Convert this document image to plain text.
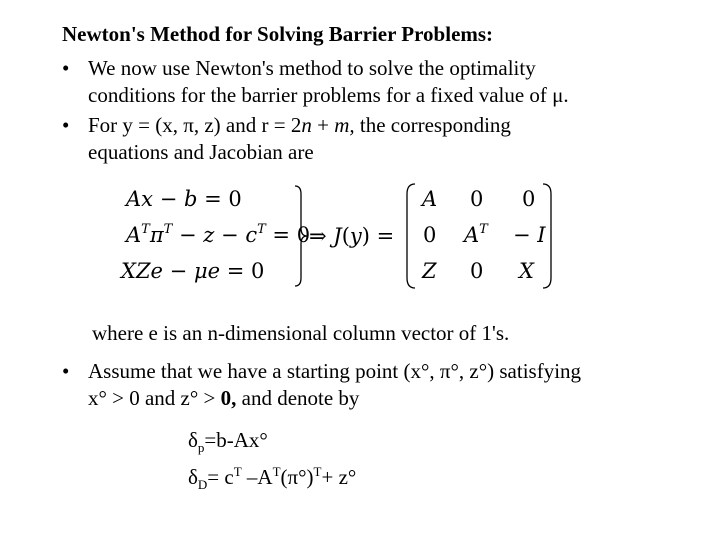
Newton's Method for Solving Barrier Problems:
• We now use Newton's method to solve the optimality
conditions for the barrier problems for a fixed value of μ.
• For y = (x, π, z) and r = 2n + m, the corresponding
equations and Jacobian are
Ax − b = 0
$A^T\pi^T - z - c^T = 0$
XZe − μe = 0
⇒ J(y) =
A 0 0
0 $A^T - I$
Z 0 X
where e is an n-dimensional column vector of 1's.
• Assume that we have a starting point (x°, π°, z°) satisfying
x° > 0 and z° > 0, and denote by
$\delta_p=b-Ax^\circ$
$\delta_D= c^T$ $-A^T(\pi^\circ)^T+ z^\circ$
